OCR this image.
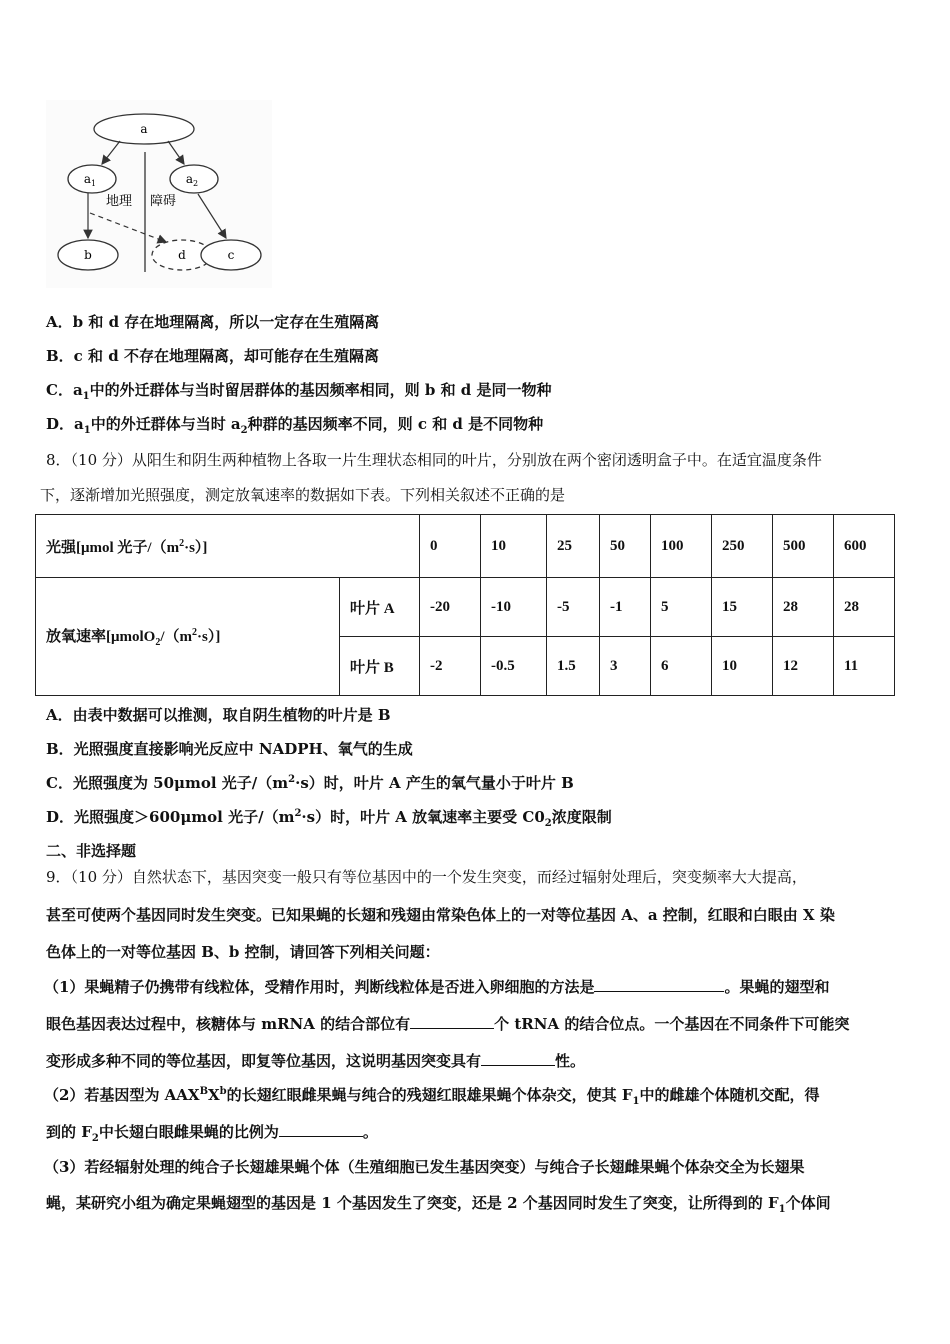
a
$a_1$	$a_2$
地理 障碍
b	d	c
A．b 和 d 存在地理隔离，所以一定存在生殖隔离
B．c 和 d 不存在地理隔离，却可能存在生殖隔离
C．$a_1$中的外迁群体与当时留居群体的基因频率相同，则 b 和 d 是同一物种
D．$a_1$中的外迁群体与当时 $a_2$种群的基因频率不同，则 c 和 d 是不同物种
8．（10 分）从阳生和阴生两种植物上各取一片生理状态相同的叶片，分别放在两个密闭透明盒子中。在适宜温度条件
下，逐渐增加光照强度，测定放氧速率的数据如下表。下列相关叙述不正确的是
光强[μmol 光子$/(m^2\cdot s)$]		0	10	25	50	100	250	500	600
放氧速率$[\mu molO_2/(m^2\cdot s)]$	叶片 A	-20	-10	-5	-1	5	15	28	28
	叶片 B	-2	-0.5	1.5	3	6	10	12	11
A．由表中数据可以推测，取自阴生植物的叶片是 B
B．光照强度直接影响光反应中 NADPH、氧气的生成
C．光照强度为 50μmol 光子$/(m^2\cdot s)$时，叶片 A 产生的氧气量小于叶片 B
D．光照强度＞600μmol 光子$/(m^2\cdot s)$时，叶片 A 放氧速率主要受 $C0_2$浓度限制
二、非选择题
9．（10 分）自然状态下，基因突变一般只有等位基因中的一个发生突变，而经过辐射处理后，突变频率大大提高，
甚至可使两个基因同时发生突变。已知果蝇的长翅和残翅由常染色体上的一对等位基因 A、a 控制，红眼和白眼由 X 染
色体上的一对等位基因 B、b 控制，请回答下列相关问题：
（1）果蝇精子仍携带有线粒体，受精作用时，判断线粒体是否进入卵细胞的方法是	。果蝇的翅型和
眼色基因表达过程中，核糖体与 mRNA 的结合部位有	个 tRNA 的结合位点。一个基因在不同条件下可能突
变形成多种不同的等位基因，即复等位基因，这说明基因突变具有	性。
（2）若基因型为 $AAX^BX^b$的长翅红眼雌果蝇与纯合的残翅红眼雄果蝇个体杂交，使其 $F_1$中的雌雄个体随机交配，得
到的 $F_2$中长翅白眼雌果蝇的比例为	。
（3）若经辐射处理的纯合子长翅雄果蝇个体（生殖细胞已发生基因突变）与纯合子长翅雌果蝇个体杂交全为长翅果
蝇，某研究小组为确定果蝇翅型的基因是 1 个基因发生了突变，还是 2 个基因同时发生了突变，让所得到的 $F_1$个体间
